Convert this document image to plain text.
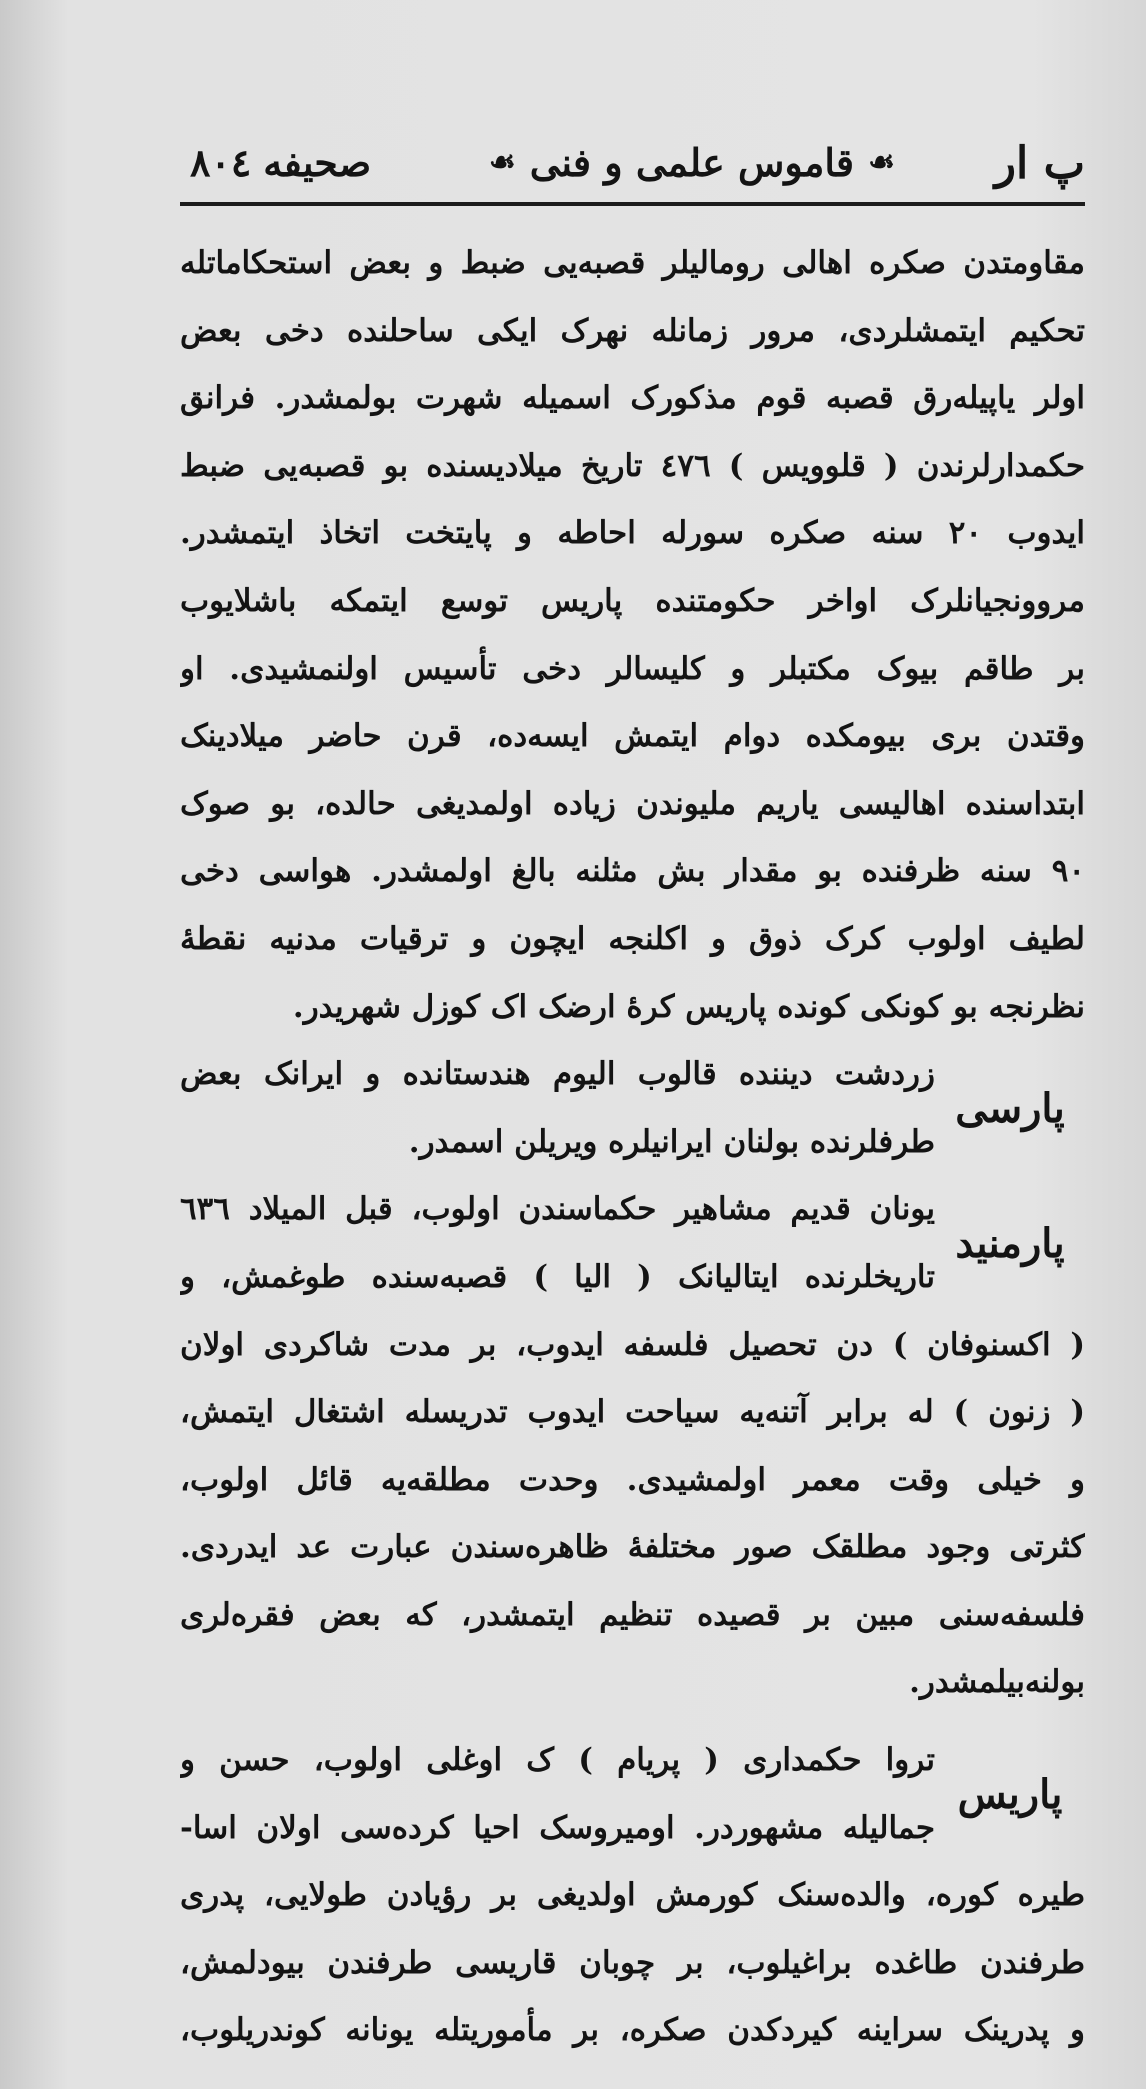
پ ار
☙
قاموس علمی و فنی
☙
صحیفه
۸۰٤
مقاومتدن صکره اهالی رومالیلر قصبه‌یی ضبط و بعض استحکاماتله
تحکیم ایتمشلردی، مرور زمانله نهرک ایکی ساحلنده دخی بعض
اولر یاپیله‌رق قصبه قوم مذکورک اسمیله شهرت بولمشدر. فرانق
حکمدارلرندن ( قلوویس ) ٤٧٦ تاریخ میلادیسنده بو قصبه‌یی ضبط
ایدوب ٢٠ سنه صکره سورله احاطه و پایتخت اتخاذ ایتمشدر.
مروونجیانلرک اواخر حکومتنده پاریس توسع ایتمکه باشلایوب
بر طاقم بیوک مکتبلر و کلیسالر دخی تأسیس اولنمشیدی. او
وقتدن بری بیومکده دوام ایتمش ایسه‌ده، قرن حاضر میلادینک
ابتداسنده اهالیسی یاریم ملیوندن زیاده اولمدیغی حالده، بو صوک
٩٠ سنه ظرفنده بو مقدار بش مثلنه بالغ اولمشدر. هواسی دخی
لطیف اولوب کرک ذوق و اکلنجه ایچون و ترقیات مدنیه نقطهٔ
نظرنجه بو کونکی کونده پاریس کرهٔ ارضک اک کوزل شهریدر.
پارسی
زردشت دیننده قالوب الیوم هندستانده و ایرانک بعض
طرفلرنده بولنان ایرانیلره ویریلن اسمدر.
پارمنید
یونان قدیم مشاهیر حکماسندن اولوب، قبل المیلاد ٦٣٦
تاریخلرنده ایتالیانک ( الیا ) قصبه‌سنده طوغمش، و
( اکسنوفان ) دن تحصیل فلسفه ایدوب، بر مدت شاکردی اولان
( زنون ) له برابر آتنه‌یه سیاحت ایدوب تدریسله اشتغال ایتمش،
و خیلی وقت معمر اولمشیدی. وحدت مطلقه‌یه قائل اولوب،
کثرتی وجود مطلقک صور مختلفهٔ ظاهره‌سندن عبارت عد ایدردی.
فلسفه‌سنی مبین بر قصیده تنظیم ایتمشدر، که بعض فقره‌لری
بولنه‌بیلمشدر.
پاریس
تروا حکمداری ( پریام ) ک اوغلی اولوب، حسن و
جمالیله مشهوردر. اومیروسک احیا کرده‌سی اولان اسا-
طیره کوره، والده‌سنک کورمش اولدیغی بر رؤیادن طولایی، پدری
طرفندن طاغده براغیلوب، بر چوبان قاریسی طرفندن بیودلمش،
و پدرینک سراینه کیردکدن صکره، بر مأموریتله یونانه کوندریلوب،
